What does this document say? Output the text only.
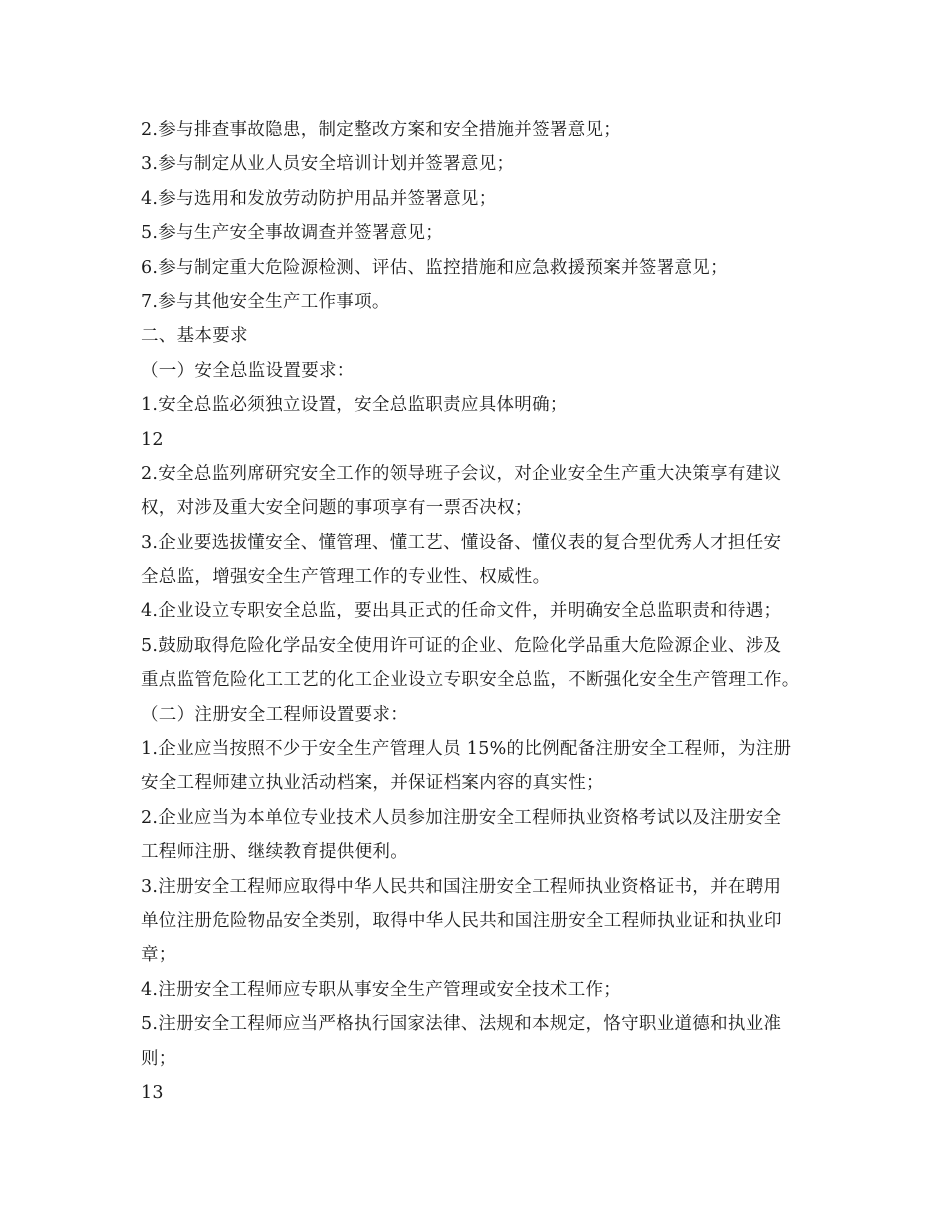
2.参与排查事故隐患，制定整改方案和安全措施并签署意见；
3.参与制定从业人员安全培训计划并签署意见；
4.参与选用和发放劳动防护用品并签署意见；
5.参与生产安全事故调查并签署意见；
6.参与制定重大危险源检测、评估、监控措施和应急救援预案并签署意见；
7.参与其他安全生产工作事项。
二、基本要求
（一）安全总监设置要求：
1.安全总监必须独立设置，安全总监职责应具体明确；
12
2.安全总监列席研究安全工作的领导班子会议，对企业安全生产重大决策享有建议
权，对涉及重大安全问题的事项享有一票否决权；
3.企业要选拔懂安全、懂管理、懂工艺、懂设备、懂仪表的复合型优秀人才担任安
全总监，增强安全生产管理工作的专业性、权威性。
4.企业设立专职安全总监，要出具正式的任命文件，并明确安全总监职责和待遇；
5.鼓励取得危险化学品安全使用许可证的企业、危险化学品重大危险源企业、涉及
重点监管危险化工工艺的化工企业设立专职安全总监，不断强化安全生产管理工作。
（二）注册安全工程师设置要求：
1.企业应当按照不少于安全生产管理人员 15%的比例配备注册安全工程师，为注册
安全工程师建立执业活动档案，并保证档案内容的真实性；
2.企业应当为本单位专业技术人员参加注册安全工程师执业资格考试以及注册安全
工程师注册、继续教育提供便利。
3.注册安全工程师应取得中华人民共和国注册安全工程师执业资格证书，并在聘用
单位注册危险物品安全类别，取得中华人民共和国注册安全工程师执业证和执业印
章；
4.注册安全工程师应专职从事安全生产管理或安全技术工作；
5.注册安全工程师应当严格执行国家法律、法规和本规定，恪守职业道德和执业准
则；
13
